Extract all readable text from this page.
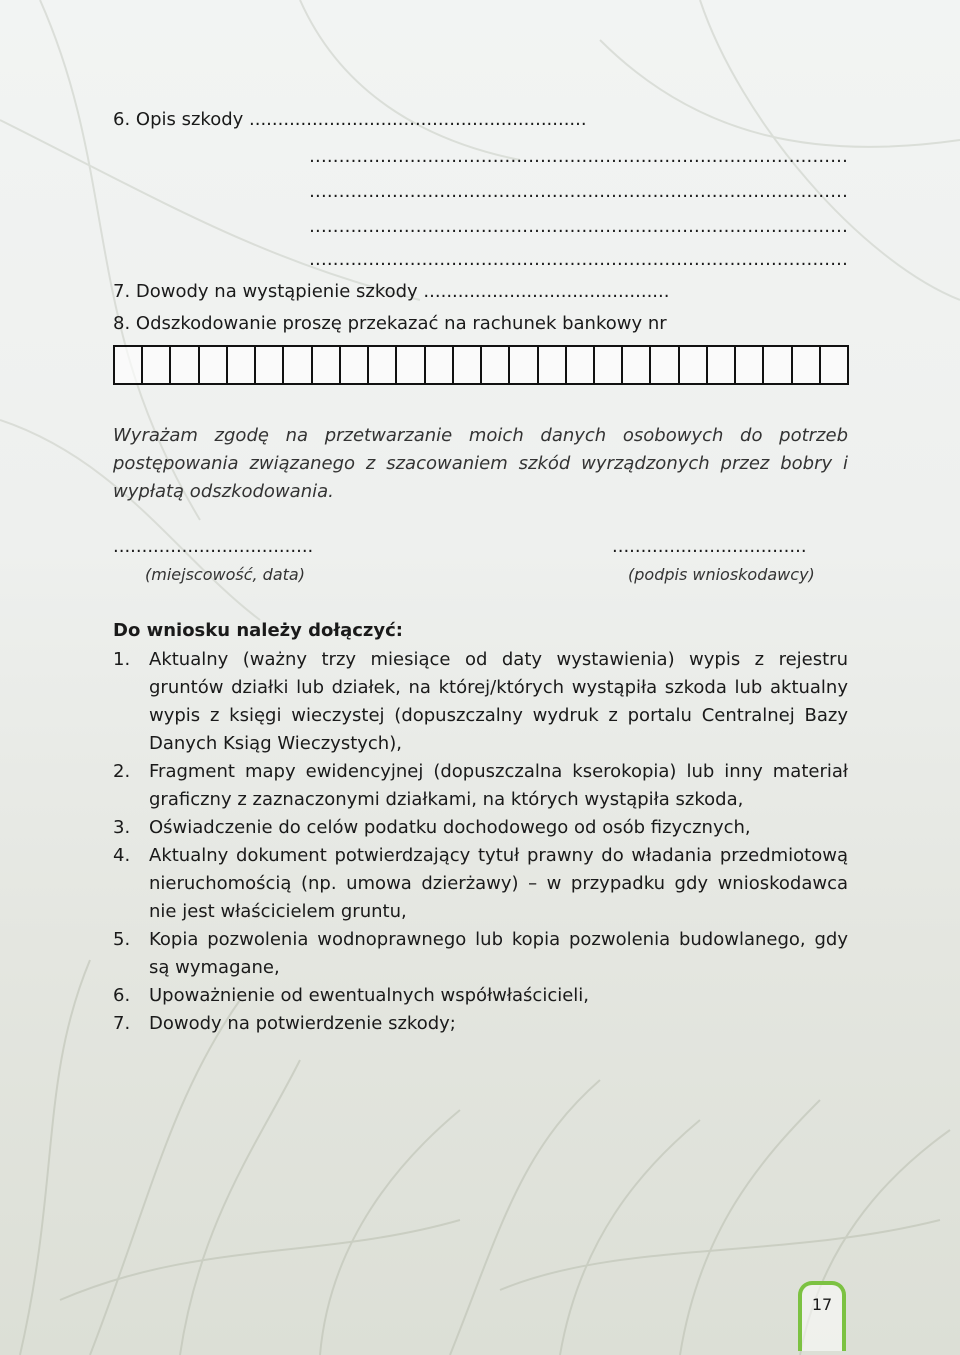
6. Opis szkody ...........................................................
...........................................................................................
...........................................................................................
...........................................................................................
...........................................................................................
7. Dowody na wystąpienie szkody ...........................................
8. Odszkodowanie proszę przekazać na rachunek bankowy nr
Wyrażam zgodę na przetwarzanie moich danych osobowych do potrzeb postępowania związanego z szacowaniem szkód wyrządzonych przez bobry i wypłatą odszkodowania.
...................................
(miejscowość, data)
..................................
(podpis wnioskodawcy)
Do wniosku należy dołączyć:
1. Aktualny (ważny trzy miesiące od daty wystawienia) wypis z rejestru gruntów działki lub działek, na której/których wystąpiła szkoda lub aktualny wypis z księgi wieczystej (dopuszczalny wydruk z portalu Centralnej Bazy Danych Ksiąg Wieczystych),
2. Fragment mapy ewidencyjnej (dopuszczalna kserokopia) lub inny materiał graficzny z zaznaczonymi działkami, na których wystąpiła szkoda,
3. Oświadczenie do celów podatku dochodowego od osób fizycznych,
4. Aktualny dokument potwierdzający tytuł prawny do władania przedmiotową nieruchomością (np. umowa dzierżawy) – w przypadku gdy wnioskodawca nie jest właścicielem gruntu,
5. Kopia pozwolenia wodnoprawnego lub kopia pozwolenia budowlanego, gdy są wymagane,
6. Upoważnienie od ewentualnych współwłaścicieli,
7. Dowody na potwierdzenie szkody;
17
